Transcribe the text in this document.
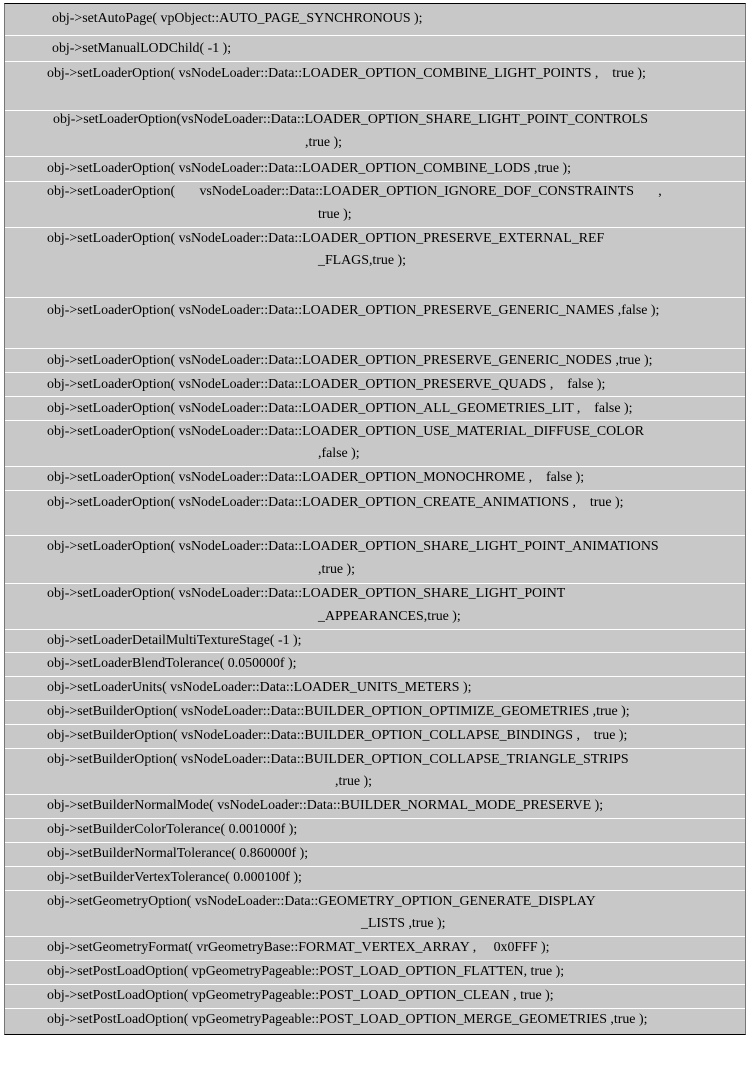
obj->setAutoPage( vpObject::AUTO_PAGE_SYNCHRONOUS );

obj->setManualLODChild( -1 );

obj->setLoaderOption( vsNodeLoader::Data::LOADER_OPTION_COMBINE_LIGHT_POINTS ,    true );

obj->setLoaderOption(vsNodeLoader::Data::LOADER_OPTION_SHARE_LIGHT_POINT_CONTROLS

,true );

obj->setLoaderOption( vsNodeLoader::Data::LOADER_OPTION_COMBINE_LODS ,true );

obj->setLoaderOption(       vsNodeLoader::Data::LOADER_OPTION_IGNORE_DOF_CONSTRAINTS       ,

true );

obj->setLoaderOption( vsNodeLoader::Data::LOADER_OPTION_PRESERVE_EXTERNAL_REF

_FLAGS,true );

obj->setLoaderOption( vsNodeLoader::Data::LOADER_OPTION_PRESERVE_GENERIC_NAMES ,false );

obj->setLoaderOption( vsNodeLoader::Data::LOADER_OPTION_PRESERVE_GENERIC_NODES ,true );

obj->setLoaderOption( vsNodeLoader::Data::LOADER_OPTION_PRESERVE_QUADS ,    false );

obj->setLoaderOption( vsNodeLoader::Data::LOADER_OPTION_ALL_GEOMETRIES_LIT ,    false );

obj->setLoaderOption( vsNodeLoader::Data::LOADER_OPTION_USE_MATERIAL_DIFFUSE_COLOR

,false );

obj->setLoaderOption( vsNodeLoader::Data::LOADER_OPTION_MONOCHROME ,    false );

obj->setLoaderOption( vsNodeLoader::Data::LOADER_OPTION_CREATE_ANIMATIONS ,    true );

obj->setLoaderOption( vsNodeLoader::Data::LOADER_OPTION_SHARE_LIGHT_POINT_ANIMATIONS

,true );

obj->setLoaderOption( vsNodeLoader::Data::LOADER_OPTION_SHARE_LIGHT_POINT

_APPEARANCES,true );

obj->setLoaderDetailMultiTextureStage( -1 );

obj->setLoaderBlendTolerance( 0.050000f );

obj->setLoaderUnits( vsNodeLoader::Data::LOADER_UNITS_METERS );

obj->setBuilderOption( vsNodeLoader::Data::BUILDER_OPTION_OPTIMIZE_GEOMETRIES ,true );

obj->setBuilderOption( vsNodeLoader::Data::BUILDER_OPTION_COLLAPSE_BINDINGS ,    true );

obj->setBuilderOption( vsNodeLoader::Data::BUILDER_OPTION_COLLAPSE_TRIANGLE_STRIPS

,true );

obj->setBuilderNormalMode( vsNodeLoader::Data::BUILDER_NORMAL_MODE_PRESERVE );

obj->setBuilderColorTolerance( 0.001000f );

obj->setBuilderNormalTolerance( 0.860000f );

obj->setBuilderVertexTolerance( 0.000100f );

obj->setGeometryOption( vsNodeLoader::Data::GEOMETRY_OPTION_GENERATE_DISPLAY

_LISTS ,true );

obj->setGeometryFormat( vrGeometryBase::FORMAT_VERTEX_ARRAY ,     0x0FFF );

obj->setPostLoadOption( vpGeometryPageable::POST_LOAD_OPTION_FLATTEN, true );

obj->setPostLoadOption( vpGeometryPageable::POST_LOAD_OPTION_CLEAN , true );

obj->setPostLoadOption( vpGeometryPageable::POST_LOAD_OPTION_MERGE_GEOMETRIES ,true );
